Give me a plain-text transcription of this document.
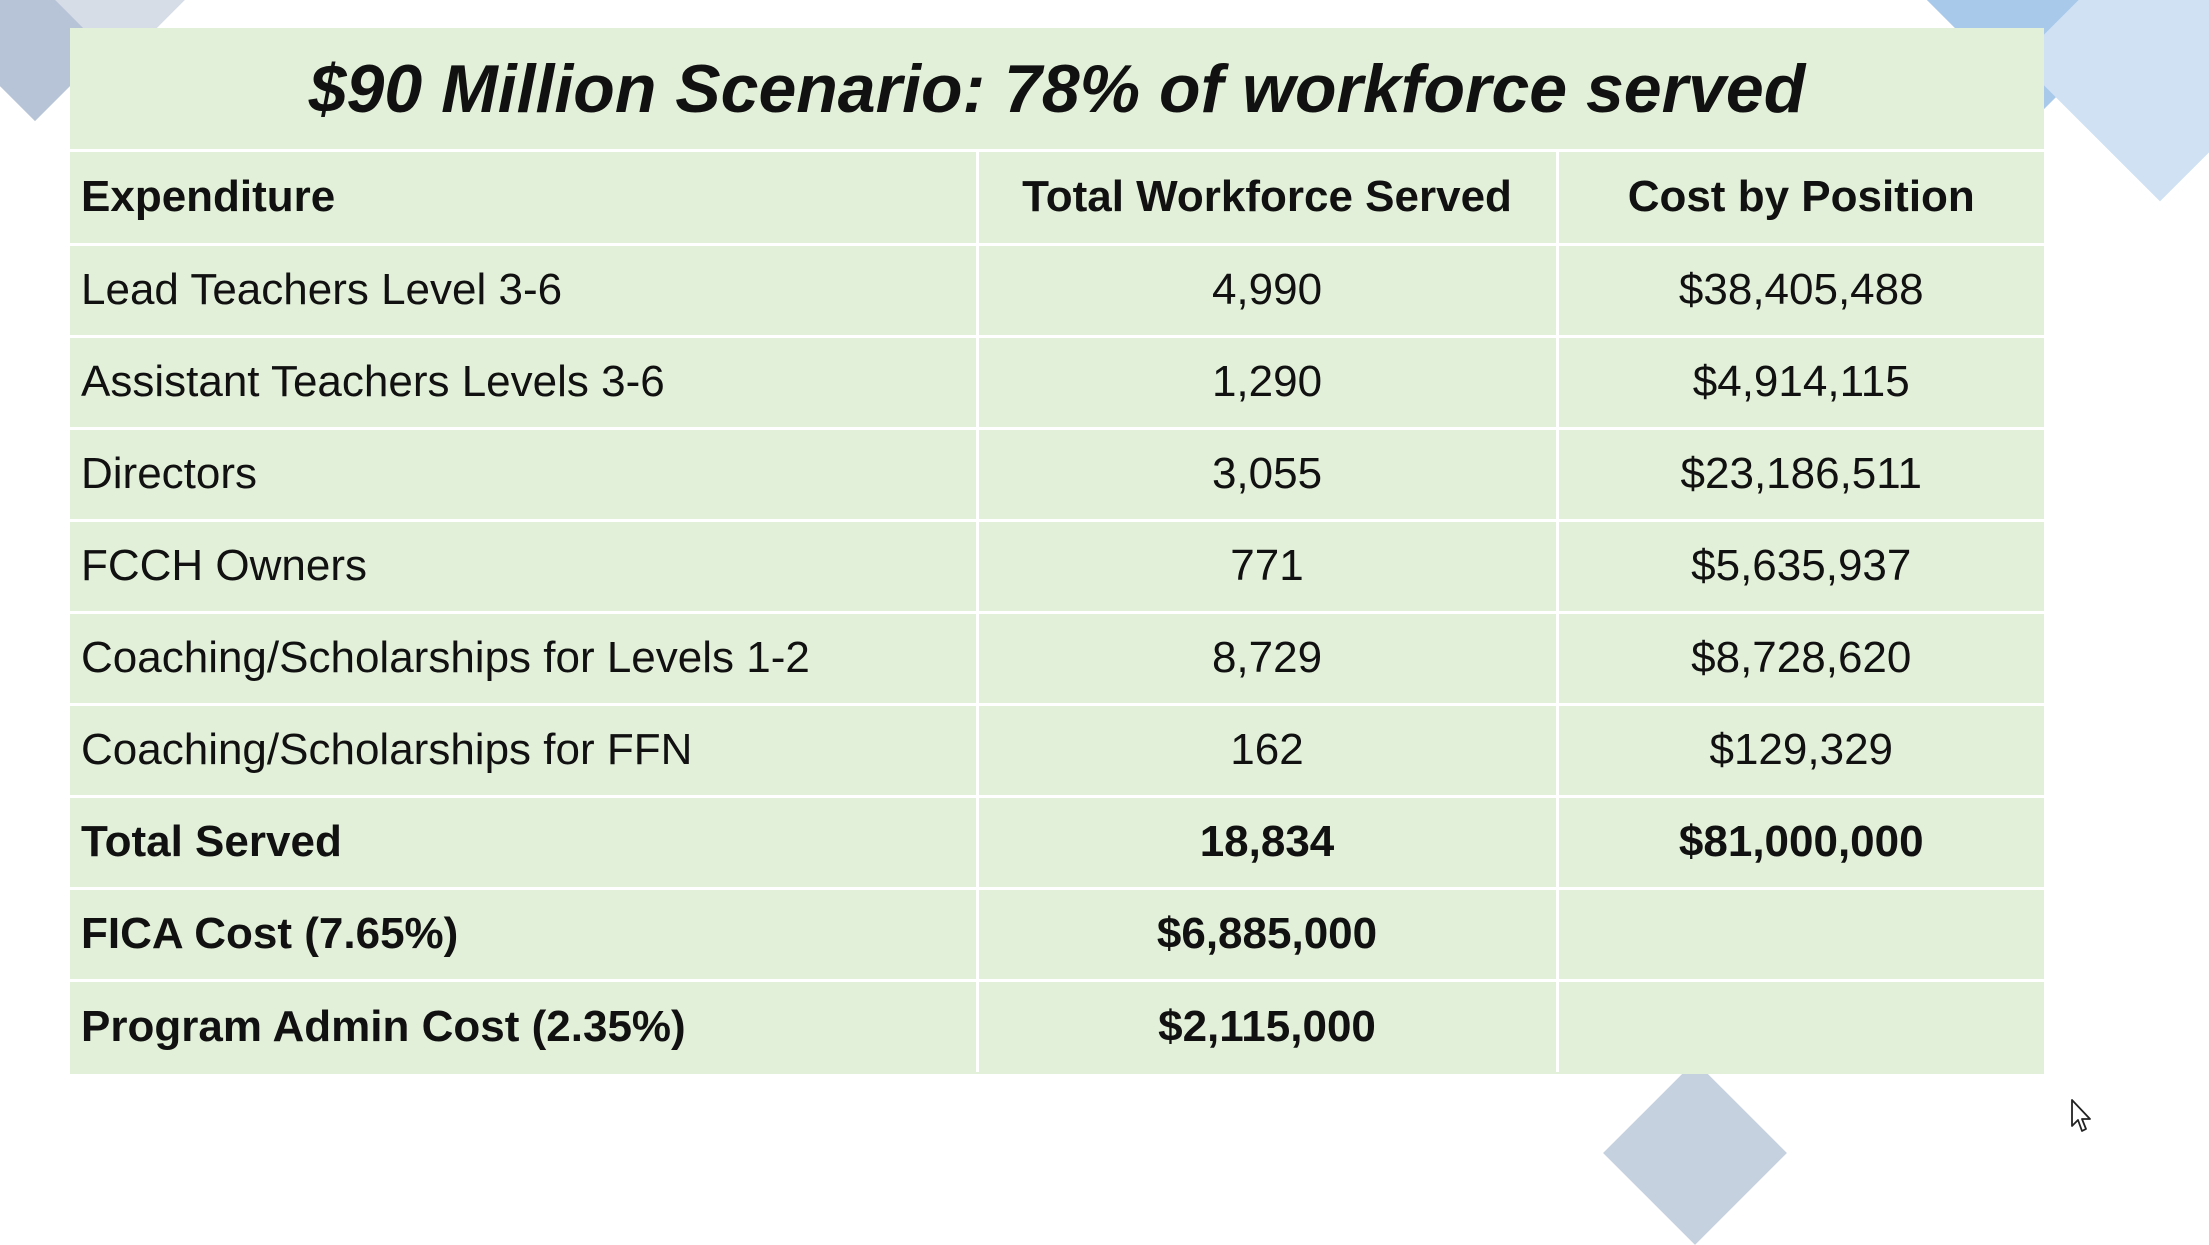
$90 Million Scenario: 78% of workforce served
Expenditure	Total Workforce Served	Cost by Position
Lead Teachers Level 3-6	4,990	$38,405,488
Assistant Teachers Levels 3-6	1,290	$4,914,115
Directors	3,055	$23,186,511
FCCH Owners	771	$5,635,937
Coaching/Scholarships for Levels 1-2	8,729	$8,728,620
Coaching/Scholarships for FFN	162	$129,329
Total Served	18,834	$81,000,000
FICA Cost (7.65%)	$6,885,000	
Program Admin Cost (2.35%)	$2,115,000	
